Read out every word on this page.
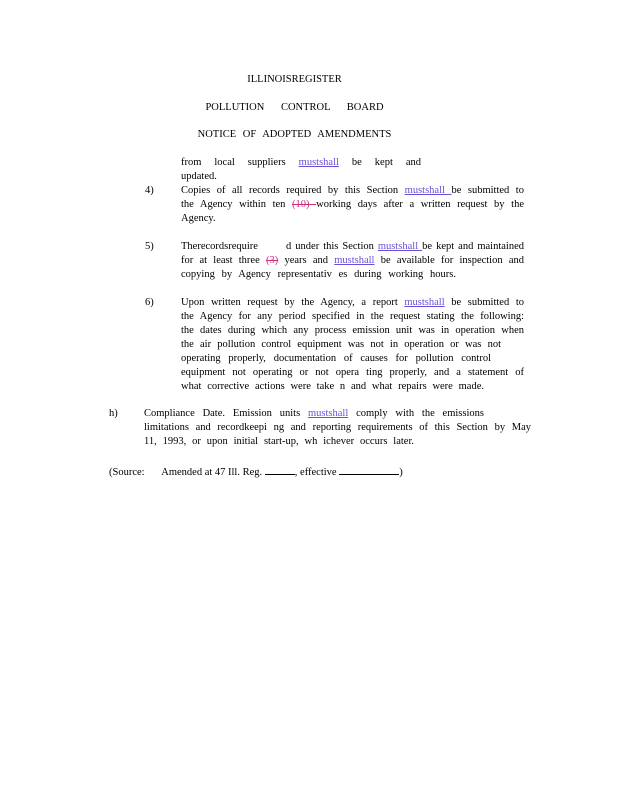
ILLINOISREGISTER
POLLUTION CONTROL BOARD
NOTICE OF ADOPTED AMENDMENTS
from local suppliers mustshall be kept and updated.
4)	Copies of all records required by this Section mustshall be submitted to
the Agency within ten (10) working days after a written request by the
Agency.
5)	Therecordsrequire       d under this Section mustshall be kept and maintained
for at least three (3) years and mustshall be available for inspection and
copying by Agency representativ es during working hours.
6)	Upon written request by the Agency, a report mustshall be submitted to
the Agency for any period specified in the request stating the following:
the dates during which any process emission unit was in operation when
the air pollution control equipment was not in operation or was not
operating properly, documentation of causes for pollution control
equipment not operating or not opera ting properly, and a statement of
what corrective actions were take n and what repairs were made.
h)	Compliance Date. Emission units mustshall comply with the emissions
limitations and recordkeepi ng and reporting requirements of this Section by May
11, 1993, or upon initial start-up, wh ichever occurs later.
(Source: Amended at 47 Ill. Reg.	, effective	)
